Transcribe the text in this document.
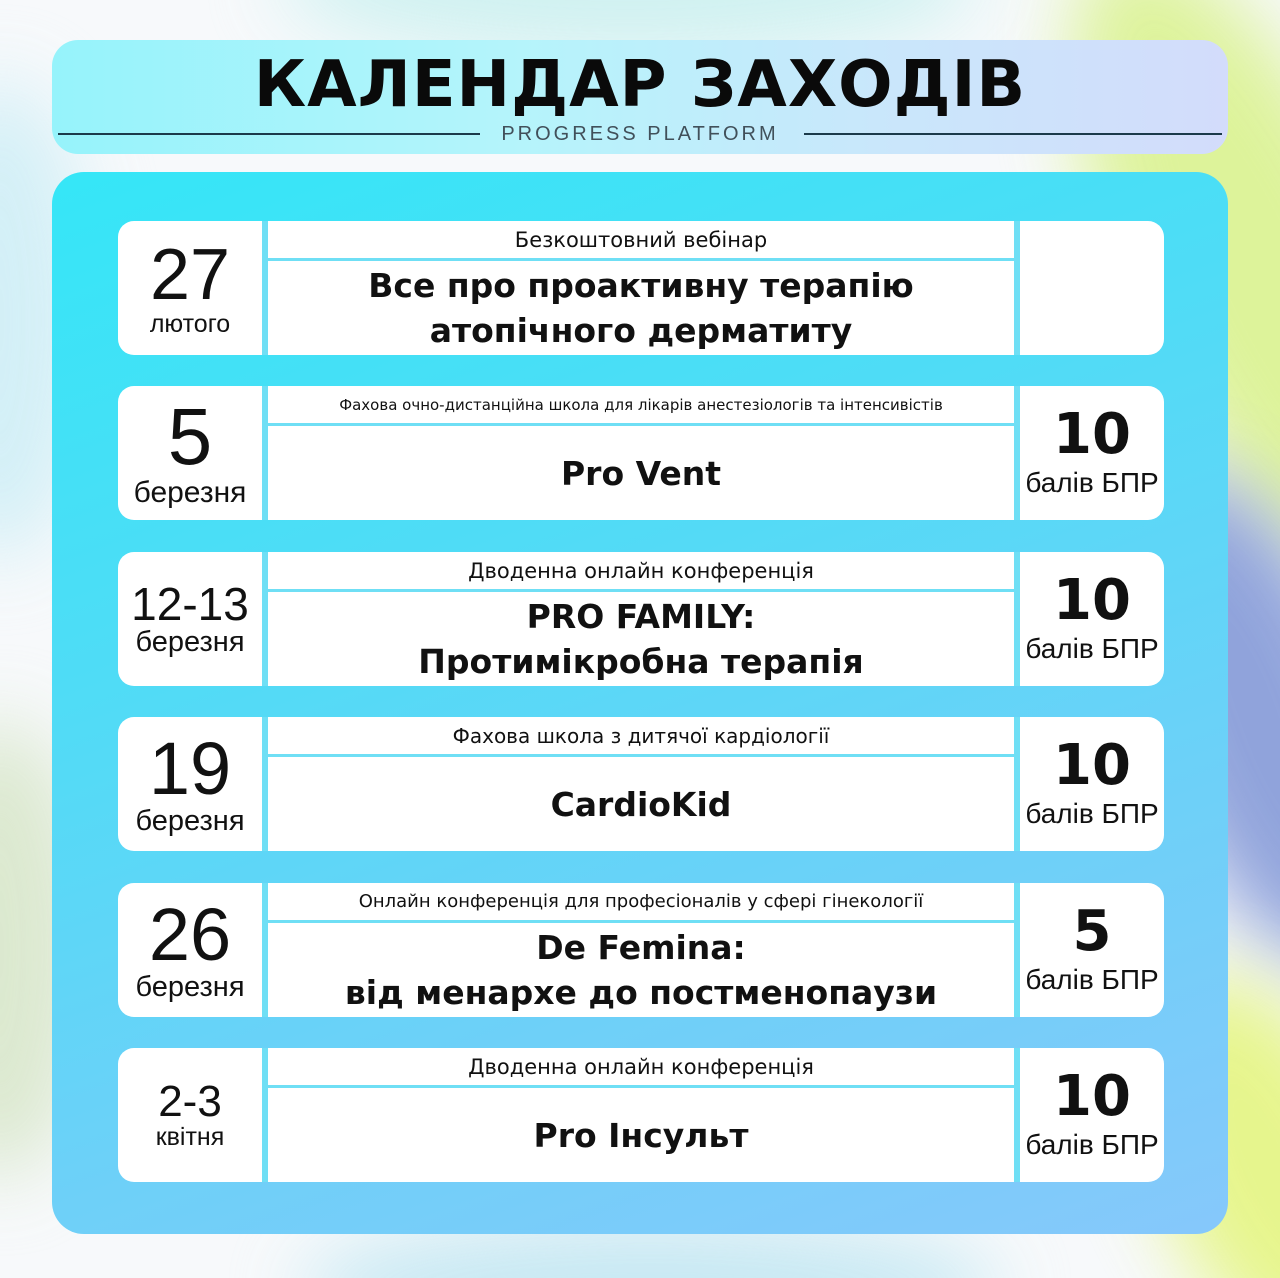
КАЛЕНДАР ЗАХОДІВ
PROGRESS PLATFORM
27
лютого
Безкоштовний вебінар
Все про проактивну терапію
атопічного дерматиту
5
березня
Фахова очно-дистанційна школа для лікарів анестезіологів та інтенсивістів
Pro Vent
10
балів БПР
12-13
березня
Дводенна онлайн конференція
PRO FAMILY:
Протимікробна терапія
10
балів БПР
19
березня
Фахова школа з дитячої кардіології
CardioKid
10
балів БПР
26
березня
Онлайн конференція для професіоналів у сфері гінекології
De Femina:
від менархе до постменопаузи
5
балів БПР
2-3
квітня
Дводенна онлайн конференція
Pro Інсульт
10
балів БПР
